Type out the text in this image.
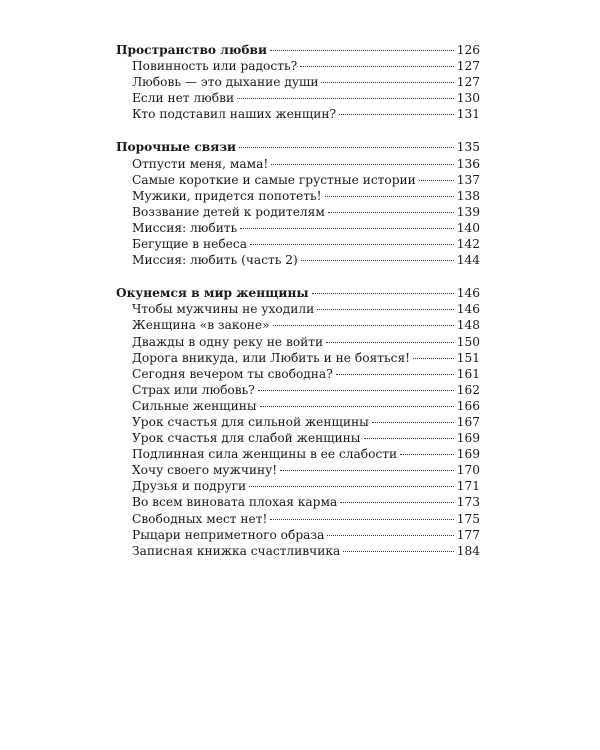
Пространство любви	126
Повинность или радость?	127
Любовь — это дыхание души	127
Если нет любви	130
Кто подставил наших женщин?	131
Порочные связи	135
Отпусти меня, мама!	136
Самые короткие и самые грустные истории	137
Мужики, придется попотеть!	138
Воззвание детей к родителям	139
Миссия: любить	140
Бегущие в небеса	142
Миссия: любить (часть 2)	144
Окунемся в мир женщины	146
Чтобы мужчины не уходили	146
Женщина «в законе»	148
Дважды в одну реку не войти	150
Дорога вникуда, или Любить и не бояться!	151
Сегодня вечером ты свободна?	161
Страх или любовь?	162
Сильные женщины	166
Урок счастья для сильной женщины	167
Урок счастья для слабой женщины	169
Подлинная сила женщины в ее слабости	169
Хочу своего мужчину!	170
Друзья и подруги	171
Во всем виновата плохая карма	173
Свободных мест нет!	175
Рыцари неприметного образа	177
Записная книжка счастливчика	184
